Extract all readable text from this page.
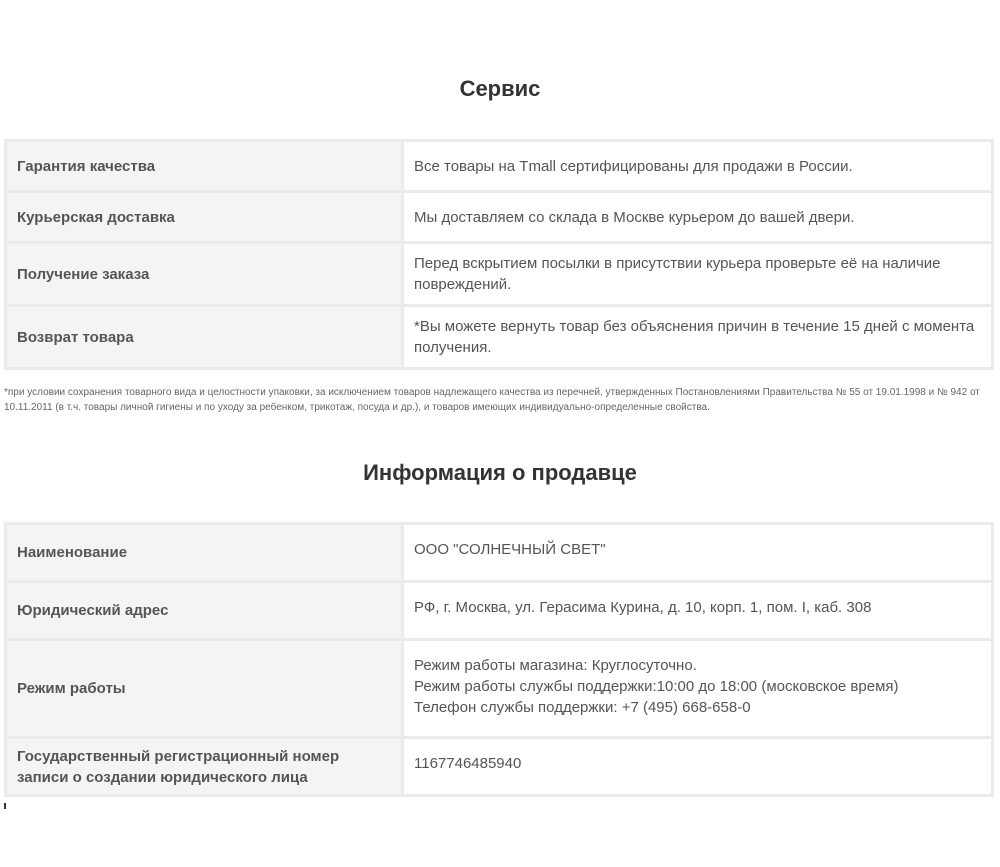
Сервис
Гарантия качества	Все товары на Tmall сертифицированы для продажи в России.
Курьерская доставка	Мы доставляем со склада в Москве курьером до вашей двери.
Получение заказа	Перед вскрытием посылки в присутствии курьера проверьте её на наличие повреждений.
Возврат товара	*Вы можете вернуть товар без объяснения причин в течение 15 дней с момента получения.

*при условии сохранения товарного вида и целостности упаковки, за исключением товаров надлежащего качества из перечней, утвержденных Постановлениями Правительства № 55 от 19.01.1998 и № 942 от 10.11.2011 (в т.ч. товары личной гигиены и по уходу за ребенком, трикотаж, посуда и др.), и товаров имеющих индивидуально-определенные свойства.

Информация о продавце
Наименование	ООО "СОЛНЕЧНЫЙ СВЕТ"
Юридический адрес	РФ, г. Москва, ул. Герасима Курина, д. 10, корп. 1, пом. I, каб. 308
Режим работы	Режим работы магазина: Круглосуточно.
Режим работы службы поддержки:10:00 до 18:00 (московское время)
Телефон службы поддержки: +7 (495) 668-658-0
Государственный регистрационный номер записи о создании юридического лица	1167746485940
